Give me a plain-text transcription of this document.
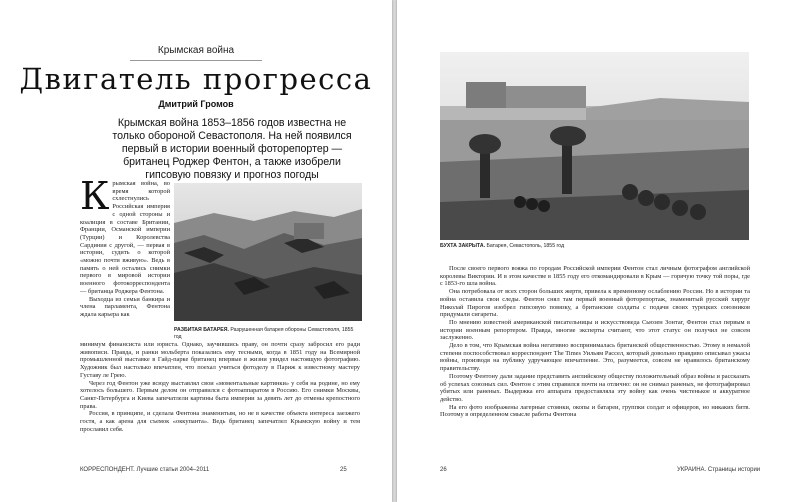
Крымская война
Двигатель прогресса
Дмитрий Громов
Крымская война 1853–1856 годов известна не только обороной Севастополя. На ней появился первый в истории военный фоторепортер — британец Роджер Фентон, а также изобрели гипсовую повязку и прогноз погоды
К рымская война, во время которой схлестнулись Российская империя с одной стороны и коалиция в составе Британии, Франции, Османской империи (Турции) и Королевства Сардиния с другой, — первая в истории, судить о которой «можно почти вживую». Ведь в память о ней остались снимки первого в мировой истории военного фотокорреспондента — британца Роджера Фентона.

Выходца из семьи банкира и члена парламента, Фентона ждала карьера как

РАЗБИТАЯ БАТАРЕЯ. Разрушенная батарея обороны Севастополя, 1855 год

минимум финансиста или юриста. Однако, заучившись праву, он почти сразу забросил его ради живописи. Правда, и ранки мольберта показались ему тесными, когда в 1851 году на Всемирной промышленной выставке в Гайд-парке британец впервые в жизни увидел настоящую фотографию. Художник был настолько впечатлен, что поехал учиться фотоделу в Париж к известному мастеру Густаву ле Грею.

Через год Фентон уже всюду выставлял свои «моментальные картинки» у себя на родине, но ему хотелось большего. Первым делом он отправился с фотоаппаратом в Россию. Его снимки Москвы, Санкт-Петербурга и Киева запечатлели картины быта империи за девять лет до отмены крепостного права.

Россия, в принципе, и сделала Фентона знаменитым, но не в качестве объекта интереса заезжего гостя, а как арена для съемок «оккупанта». Ведь британец запечатлел Крымскую войну и тем прославил себя.

КОРРЕСПОНДЕНТ. Лучшие статьи 2004–2011	25
БУХТА ЗАКРЫТА. Батарея, Севастополь, 1855 год

После своего первого вояжа по городам Российской империи Фентон стал личным фотографом английской королевы Виктории. И в этом качестве в 1855 году его откомандировали в Крым — горячую точку той поры, где с 1853-го шла война.

Она потребовала от всех сторон больших жертв, привела к временному ослаблению России. Но в истории та война оставила свои следы. Фентон снял там первый военный фоторепортаж, знаменитый русский хирург Николай Пирогов изобрел гипсовую повязку, а британские солдаты с подачи своих турецких союзников придумали сигареты.

По мнению известной американской писательницы и искусствоведа Сьюзен Зонтаг, Фентон стал первым в истории военным репортером. Правда, многие эксперты считают, что этот статус он получил не совсем заслуженно.

Дело в том, что Крымская война негативно воспринималась британской общественностью. Этому в немалой степени поспособствовал корреспондент The Times Уильям Рассел, который довольно правдиво описывал ужасы войны, производя на публику удручающее впечатление. Это, разумеется, совсем не нравилось британскому правительству.

Поэтому Фентону дали задание представить английскому обществу положительный образ войны и рассказать об успехах союзных сил. Фентон с этим справился почти на отлично: он не снимал раненых, не фотографировал убитых или раненых. Выдержка его аппарата предоставляла эту войну как очень чистенькое и аккуратное действо.

На его фото изображены лагерные стоянки, окопы и батареи, группки солдат и офицеров, но никаких битв. Поэтому в определенном смысле работы Фентона

26	УКРАИНА. Страницы истории
